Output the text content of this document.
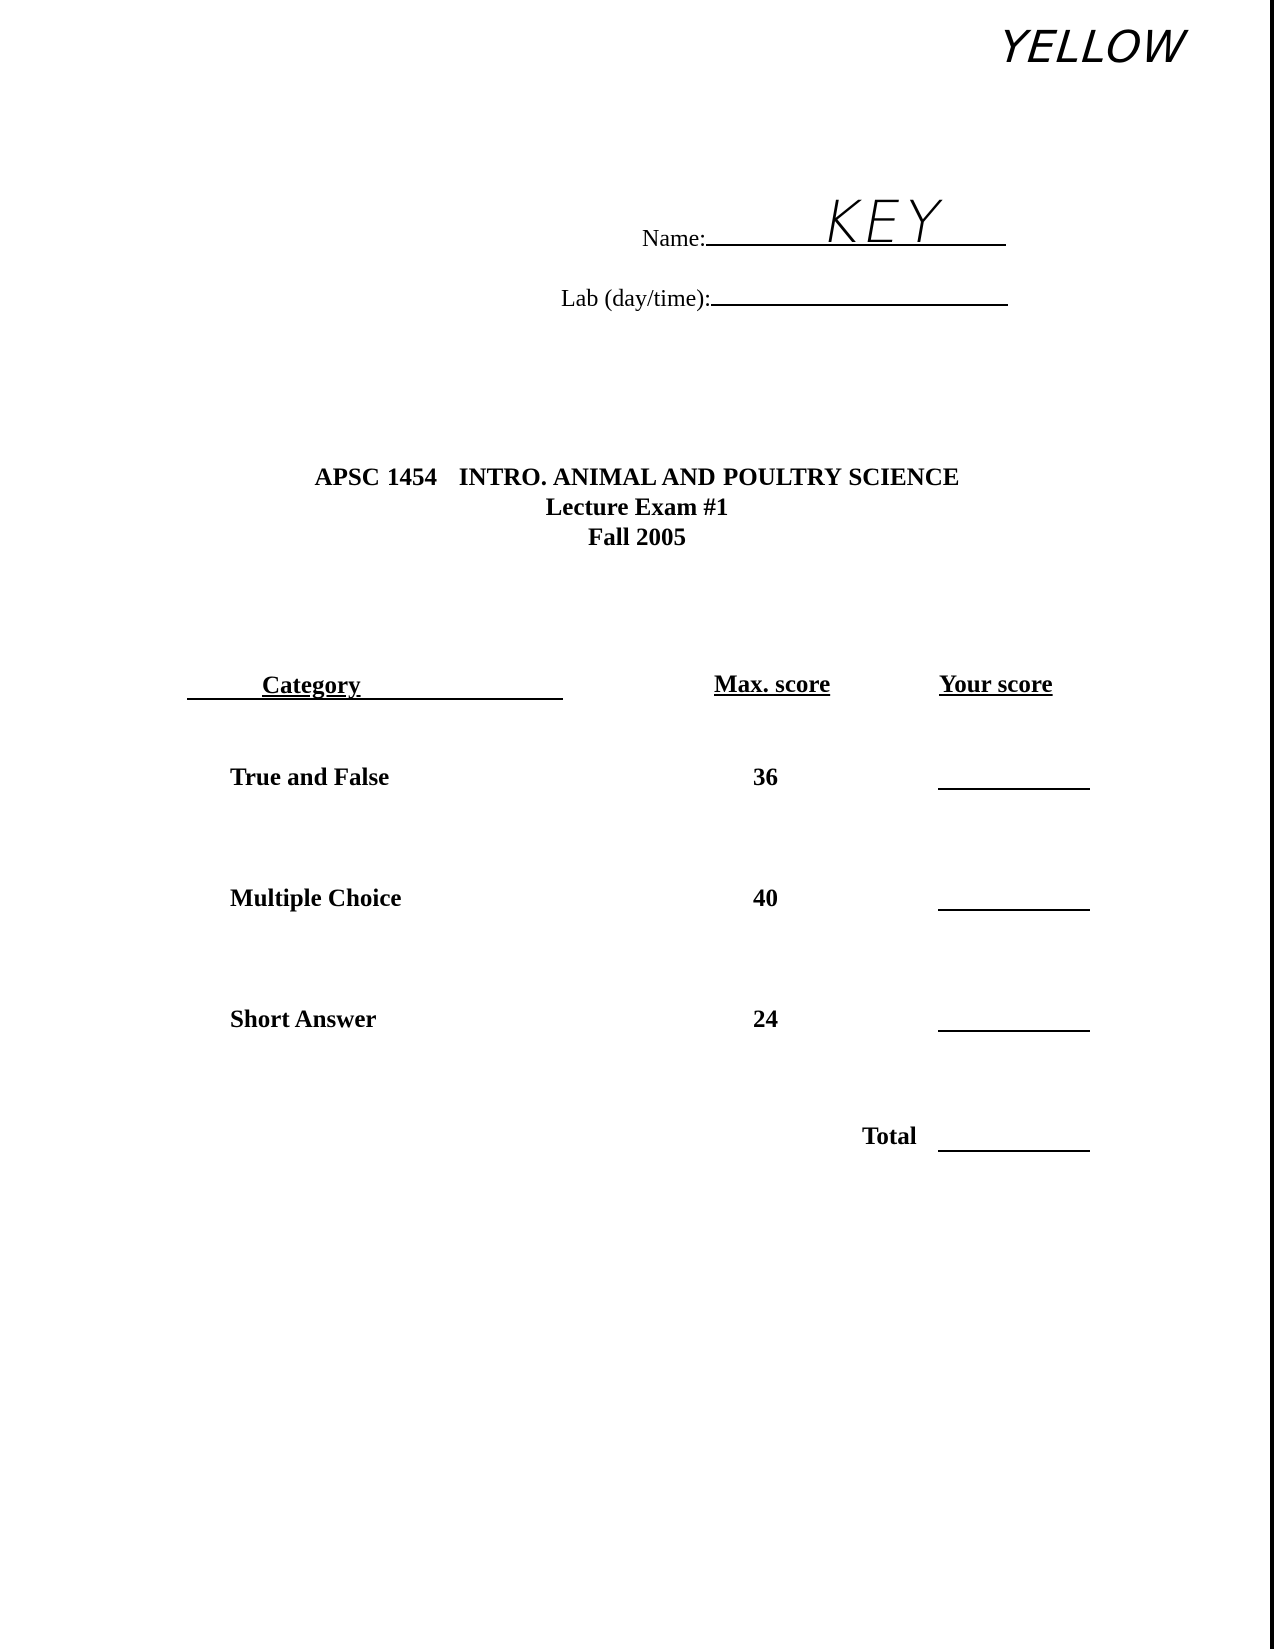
YELLOW
Name:	KEY
Lab (day/time):
APSC 1454   INTRO. ANIMAL AND POULTRY SCIENCE
Lecture Exam #1
Fall 2005
Category	Max. score	Your score
True and False	36
Multiple Choice	40
Short Answer	24
Total
